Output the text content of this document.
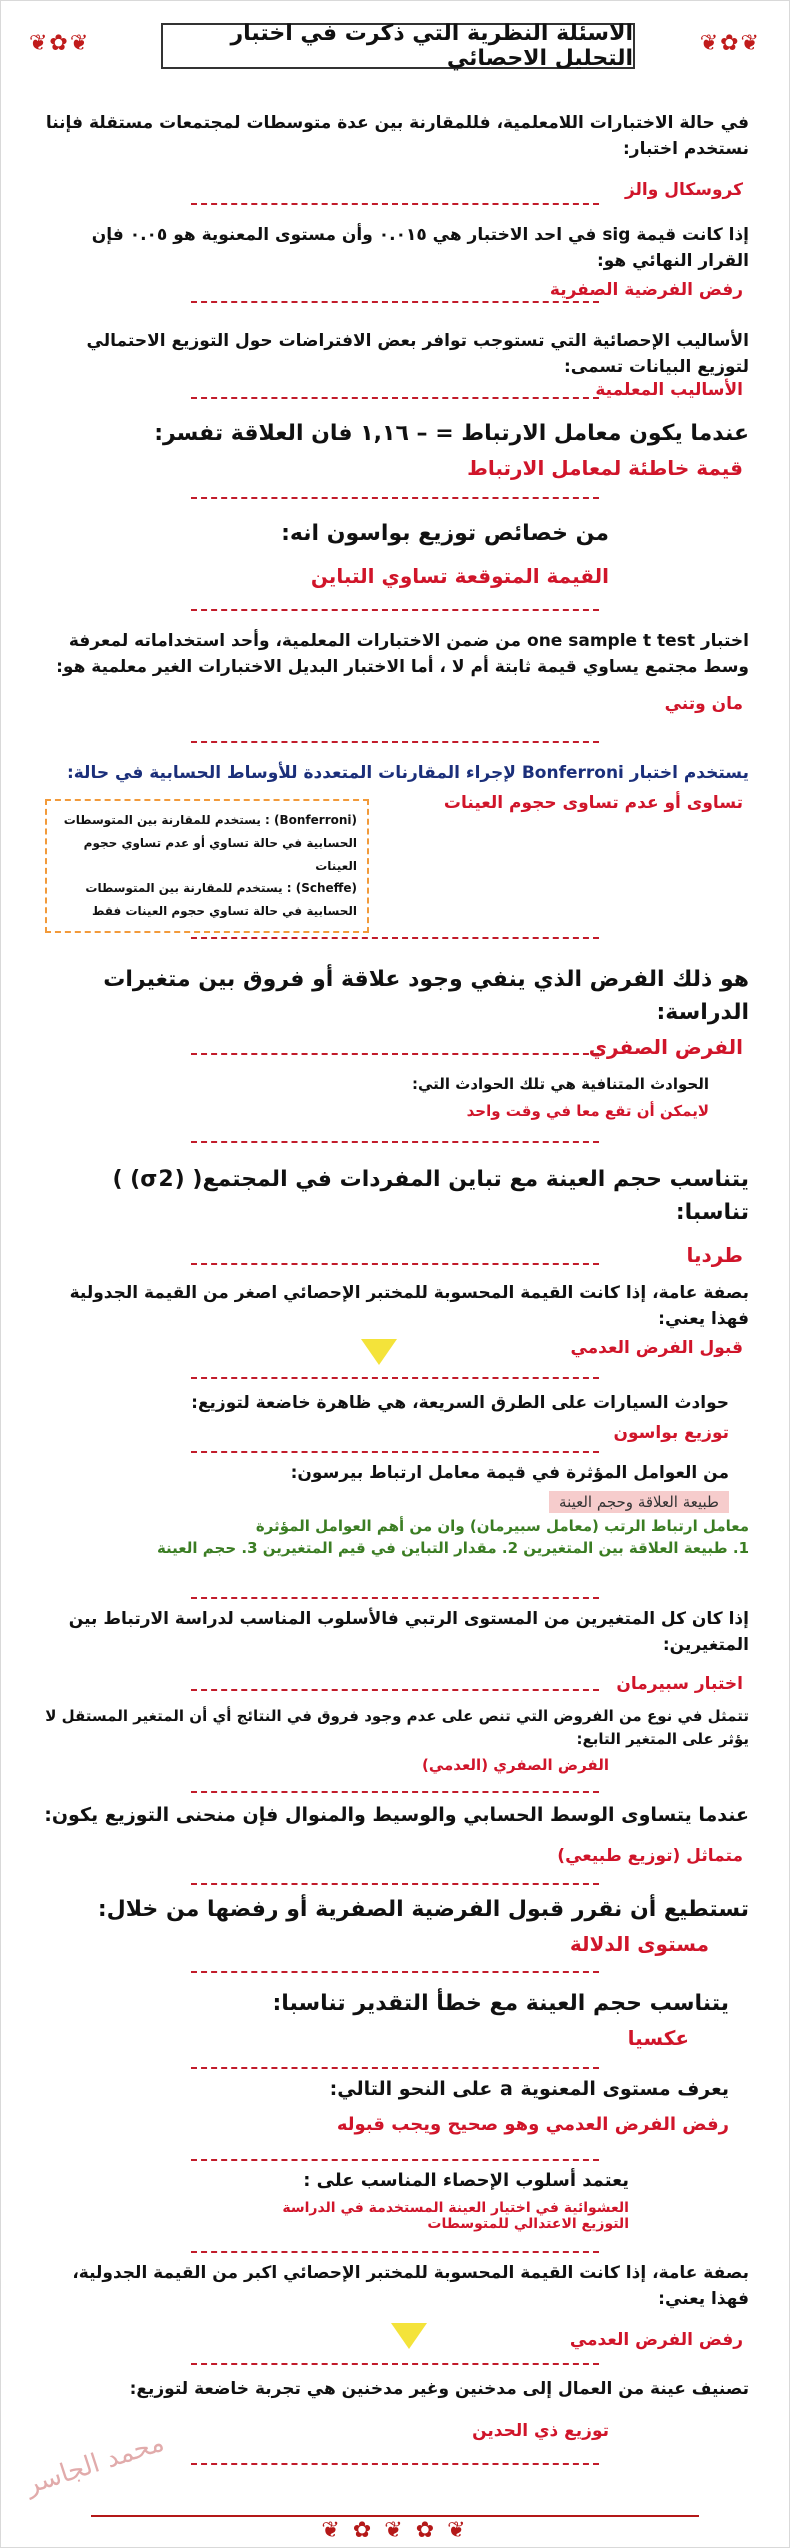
❦✿❦	الاسئلة النظرية التي ذكرت في اختبار التحليل الاحصائي
❦✿❦
في حالة الاختبارات اللامعلمية، فللمقارنة بين عدة متوسطات لمجتمعات مستقلة فإننا نستخدم اختبار:
كروسكال والز
إذا كانت قيمة sig في احد الاختبار هي ٠.٠١٥ وأن مستوى المعنوية هو ٠.٠٥ فإن القرار النهائي هو:
رفض الفرضية الصفرية
الأساليب الإحصائية التي تستوجب توافر بعض الافتراضات حول التوزيع الاحتمالي لتوزيع البيانات تسمى:
الأساليب المعلمية
عندما يكون معامل الارتباط = – ١,١٦ فان العلاقة تفسر:
قيمة خاطئة لمعامل الارتباط
من خصائص توزيع بواسون انه:
القيمة المتوقعة تساوي التباين
اختبار one sample t test من ضمن الاختبارات المعلمية، وأحد استخداماته لمعرفة وسط مجتمع يساوي قيمة ثابتة أم لا ، أما الاختبار البديل الاختبارات الغير معلمية هو:
مان وتني
يستخدم اختبار Bonferroni لإجراء المقارنات المتعددة للأوساط الحسابية في حالة:
تساوى أو عدم تساوى حجوم العينات
(Bonferroni) : يستخدم للمقارنة بين المتوسطات الحسابية في حالة تساوي أو عدم تساوي حجوم العينات
(Scheffe) : يستخدم للمقارنة بين المتوسطات الحسابية في حالة تساوي حجوم العينات فقط
هو ذلك الفرض الذي ينفي وجود علاقة أو فروق بين متغيرات الدراسة:
الفرض الصفري
الحوادث المتنافية هي تلك الحوادث التي:
لايمكن أن تقع معا في وقت واحد
يتناسب حجم العينة مع تباين المفردات في المجتمع( (σ2) ) تناسبا:
طرديا
بصفة عامة، إذا كانت القيمة المحسوبة للمختبر الإحصائي اصغر من القيمة الجدولية فهذا يعني:
قبول الفرض العدمي
حوادث السيارات على الطرق السريعة، هي ظاهرة خاضعة لتوزيع:
توزيع بواسون
من العوامل المؤثرة في قيمة معامل ارتباط بيرسون:
طبيعة العلاقة وحجم العينة
معامل ارتباط الرتب (معامل سبيرمان) وان من أهم العوامل المؤثرة
1. طبيعة العلاقة بين المتغيرين 2. مقدار التباين في قيم المتغيرين 3. حجم العينة
إذا كان كل المتغيرين من المستوى الرتبي فالأسلوب المناسب لدراسة الارتباط بين المتغيرين:
اختبار سبيرمان
تتمثل في نوع من الفروض التي تنص على عدم وجود فروق في النتائج أي أن المتغير المستقل لا يؤثر على المتغير التابع:
الفرض الصفري (العدمي)
عندما يتساوى الوسط الحسابي والوسيط والمنوال فإن منحنى التوزيع يكون:
متماثل (توزيع طبيعي)
تستطيع أن نقرر قبول الفرضية الصفرية أو رفضها من خلال:
مستوى الدلالة
يتناسب حجم العينة مع خطأ التقدير تناسبا:
عكسيا
يعرف مستوى المعنوية a على النحو التالي:
رفض الفرض العدمي وهو صحيح ويجب قبوله
يعتمد أسلوب الإحصاء المناسب على :
العشوائية في اختيار العينة المستخدمة في الدراسة
التوزيع الاعتدالي للمتوسطات
بصفة عامة، إذا كانت القيمة المحسوبة للمختبر الإحصائي اكبر من القيمة الجدولية، فهذا يعني:
رفض الفرض العدمي
تصنيف عينة من العمال إلى مدخنين وغير مدخنين هي تجربة خاضعة لتوزيع:
توزيع ذي الحدين
محمد الجاسر
❦ ✿ ❦ ✿ ❦
